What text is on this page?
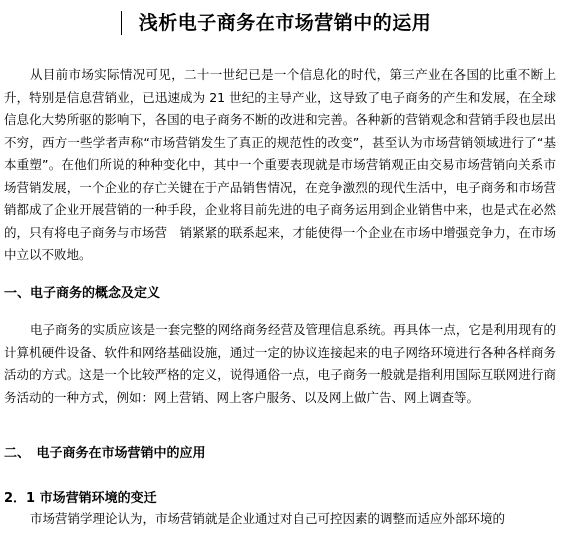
浅析电子商务在市场营销中的运用

从目前市场实际情况可见，二十一世纪已是一个信息化的时代，第三产业在各国的比重不断上升，特别是信息营销业，已迅速成为 21 世纪的主导产业，这导致了电子商务的产生和发展，在全球信息化大势所驱的影响下，各国的电子商务不断的改进和完善。各种新的营销观念和营销手段也层出不穷，西方一些学者声称“市场营销发生了真正的规范性的改变”，甚至认为市场营销领域进行了“基本重塑”。在他们所说的种种变化中，其中一个重要表现就是市场营销观正由交易市场营销向关系市场营销发展，一个企业的存亡关键在于产品销售情况，在竞争激烈的现代生活中，电子商务和市场营销都成了企业开展营销的一种手段，企业将目前先进的电子商务运用到企业销售中来，也是式在必然的，只有将电子商务与市场营　销紧紧的联系起来，才能使得一个企业在市场中增强竞争力，在市场中立以不败地。

一、电子商务的概念及定义

电子商务的实质应该是一套完整的网络商务经营及管理信息系统。再具体一点，它是利用现有的计算机硬件设备、软件和网络基础设施，通过一定的协议连接起来的电子网络环境进行各种各样商务活动的方式。这是一个比较严格的定义，说得通俗一点，电子商务一般就是指利用国际互联网进行商务活动的一种方式，例如：网上营销、网上客户服务、以及网上做广告、网上调查等。

二、　电子商务在市场营销中的应用

2．1 市场营销环境的变迁

市场营销学理论认为，市场营销就是企业通过对自己可控因素的调整而适应外部环境的
